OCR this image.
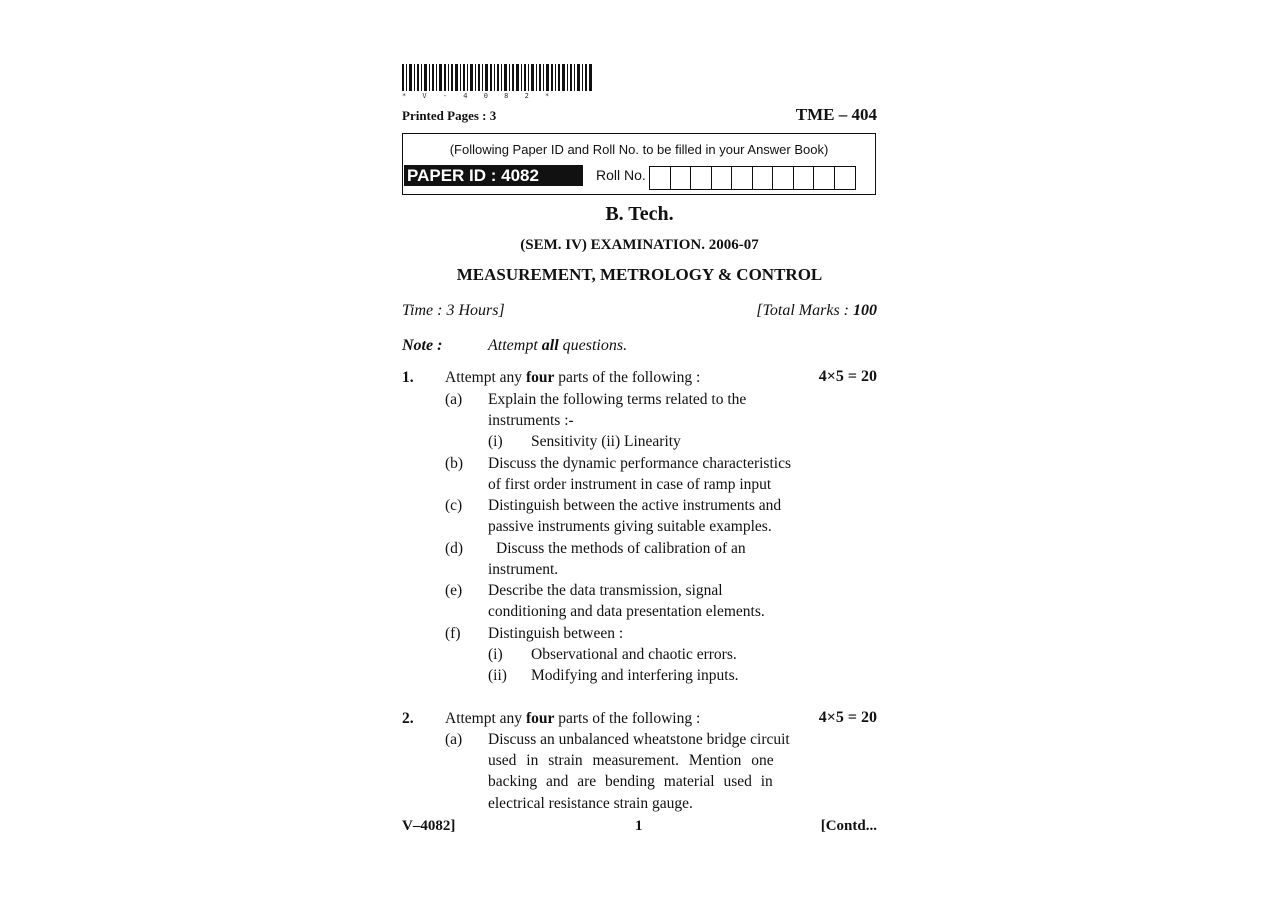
* V - 4 0 8 2 *
Printed Pages : 3	TME – 404
(Following Paper ID and Roll No. to be filled in your Answer Book)
PAPER ID : 4082	Roll No.
B. Tech.
(SEM. IV) EXAMINATION. 2006-07
MEASUREMENT, METROLOGY & CONTROL
Time : 3 Hours]	[Total Marks : 100
Note :	Attempt all questions.
1. Attempt any four parts of the following :	4×5 = 20
(a) Explain the following terms related to the
instruments :-
(i) Sensitivity (ii) Linearity
(b) Discuss the dynamic performance characteristics
of first order instrument in case of ramp input
(c) Distinguish between the active instruments and
passive instruments giving suitable examples.
(d) Discuss the methods of calibration of an
instrument.
(e) Describe the data transmission, signal
conditioning and data presentation elements.
(f) Distinguish between :
(i) Observational and chaotic errors.
(ii) Modifying and interfering inputs.
2. Attempt any four parts of the following :	4×5 = 20
(a) Discuss an unbalanced wheatstone bridge circuit
used in strain measurement. Mention one
backing and are bending material used in
electrical resistance strain gauge.
V–4082]	1	[Contd...
